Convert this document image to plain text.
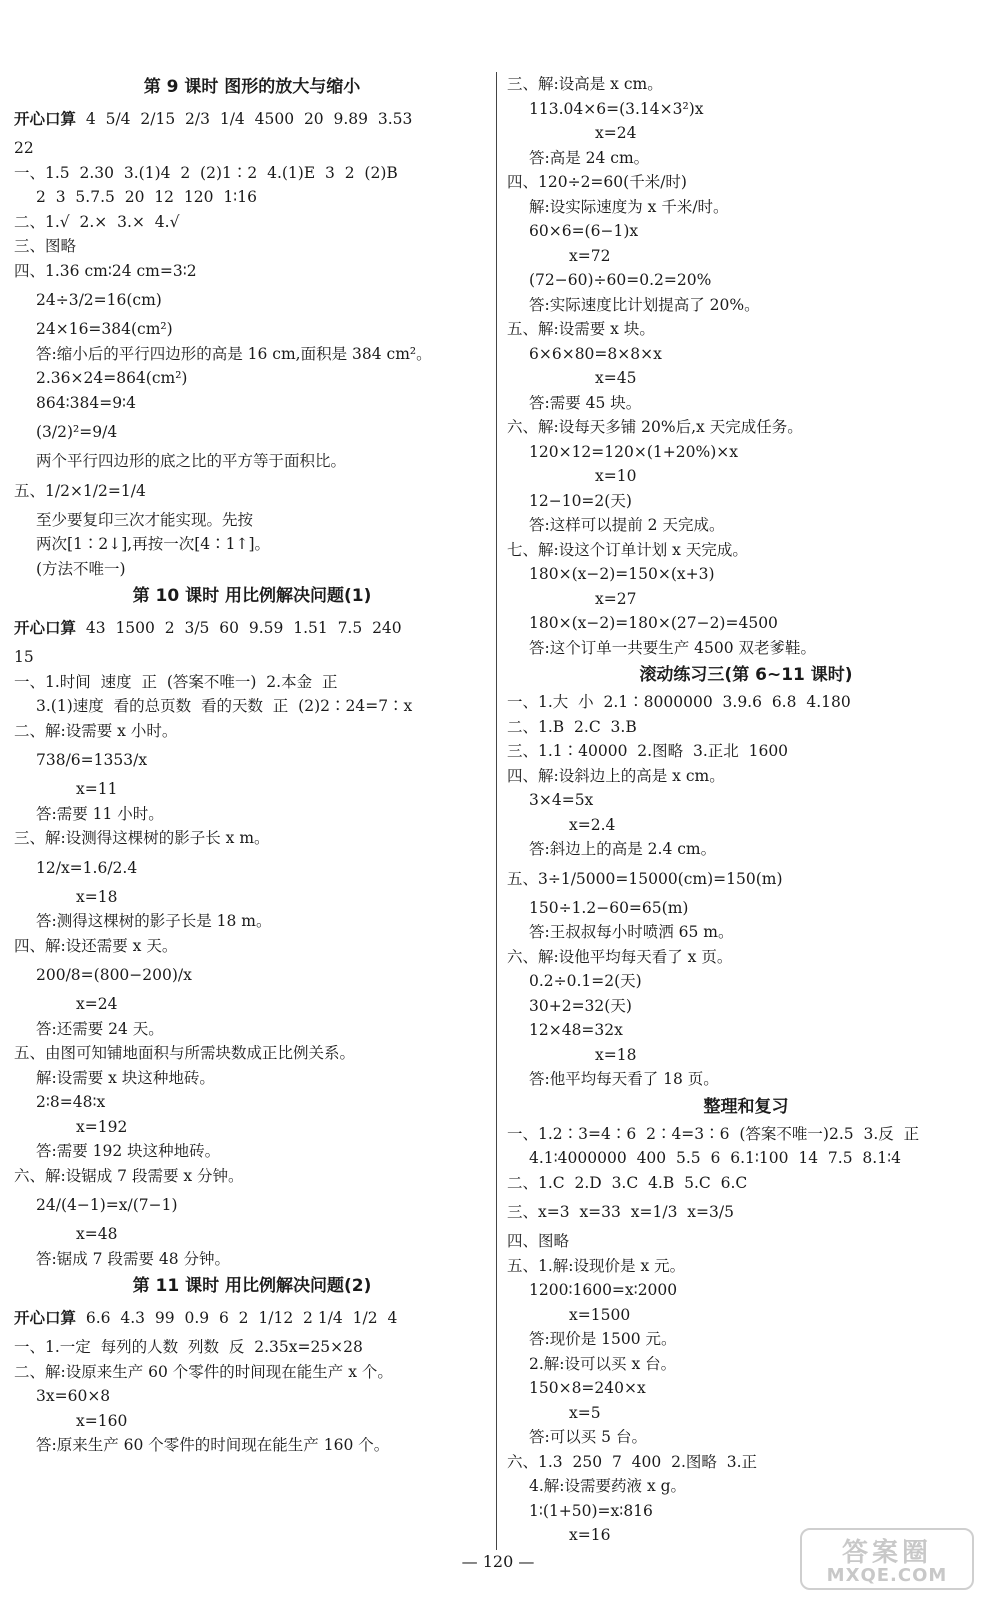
第 9 课时 图形的放大与缩小
开心口算  4  5/4  2/15  2/3  1/4  4500  20  9.89  3.53
22
一、1.5  2.30  3.(1)4  2  (2)1∶2  4.(1)E  3  2  (2)B
2  3  5.7.5  20  12  120  1∶16
二、1.√  2.×  3.×  4.√
三、图略
四、1.36 cm∶24 cm=3∶2
24÷3/2=16(cm)
24×16=384(cm²)
答:缩小后的平行四边形的高是 16 cm,面积是 384 cm²。
2.36×24=864(cm²)
864∶384=9∶4
(3/2)²=9/4
两个平行四边形的底之比的平方等于面积比。
五、1/2×1/2=1/4
至少要复印三次才能实现。先按
两次[1∶2↓],再按一次[4∶1↑]。
(方法不唯一)
第 10 课时 用比例解决问题(1)
开心口算  43  1500  2  3/5  60  9.59  1.51  7.5  240
15
一、1.时间  速度  正  (答案不唯一)  2.本金  正
3.(1)速度  看的总页数  看的天数  正  (2)2∶24=7∶x
二、解:设需要 x 小时。
738/6=1353/x
x=11
答:需要 11 小时。
三、解:设测得这棵树的影子长 x m。
12/x=1.6/2.4
x=18
答:测得这棵树的影子长是 18 m。
四、解:设还需要 x 天。
200/8=(800−200)/x
x=24
答:还需要 24 天。
五、由图可知铺地面积与所需块数成正比例关系。
解:设需要 x 块这种地砖。
2∶8=48∶x
x=192
答:需要 192 块这种地砖。
六、解:设锯成 7 段需要 x 分钟。
24/(4−1)=x/(7−1)
x=48
答:锯成 7 段需要 48 分钟。
第 11 课时 用比例解决问题(2)
开心口算  6.6  4.3  99  0.9  6  2  1/12  2 1/4  1/2  4
一、1.一定  每列的人数  列数  反  2.35x=25×28
二、解:设原来生产 60 个零件的时间现在能生产 x 个。
3x=60×8
x=160
答:原来生产 60 个零件的时间现在能生产 160 个。
三、解:设高是 x cm。
113.04×6=(3.14×3²)x
x=24
答:高是 24 cm。
四、120÷2=60(千米/时)
解:设实际速度为 x 千米/时。
60×6=(6−1)x
x=72
(72−60)÷60=0.2=20%
答:实际速度比计划提高了 20%。
五、解:设需要 x 块。
6×6×80=8×8×x
x=45
答:需要 45 块。
六、解:设每天多铺 20%后,x 天完成任务。
120×12=120×(1+20%)×x
x=10
12−10=2(天)
答:这样可以提前 2 天完成。
七、解:设这个订单计划 x 天完成。
180×(x−2)=150×(x+3)
x=27
180×(x−2)=180×(27−2)=4500
答:这个订单一共要生产 4500 双老爹鞋。
滚动练习三(第 6~11 课时)
一、1.大  小  2.1∶8000000  3.9.6  6.8  4.180
二、1.B  2.C  3.B
三、1.1∶40000  2.图略  3.正北  1600
四、解:设斜边上的高是 x cm。
3×4=5x
x=2.4
答:斜边上的高是 2.4 cm。
五、3÷1/5000=15000(cm)=150(m)
150÷1.2−60=65(m)
答:王叔叔每小时喷洒 65 m。
六、解:设他平均每天看了 x 页。
0.2÷0.1=2(天)
30+2=32(天)
12×48=32x
x=18
答:他平均每天看了 18 页。
整理和复习
一、1.2∶3=4∶6  2∶4=3∶6  (答案不唯一)2.5  3.反  正
4.1∶4000000  400  5.5  6  6.1∶100  14  7.5  8.1∶4
二、1.C  2.D  3.C  4.B  5.C  6.C
三、x=3  x=33  x=1/3  x=3/5
四、图略
五、1.解:设现价是 x 元。
1200∶1600=x∶2000
x=1500
答:现价是 1500 元。
2.解:设可以买 x 台。
150×8=240×x
x=5
答:可以买 5 台。
六、1.3  250  7  400  2.图略  3.正
4.解:设需要药液 x g。
1∶(1+50)=x∶816
x=16
— 120 —	答案圈
MXQE.COM
